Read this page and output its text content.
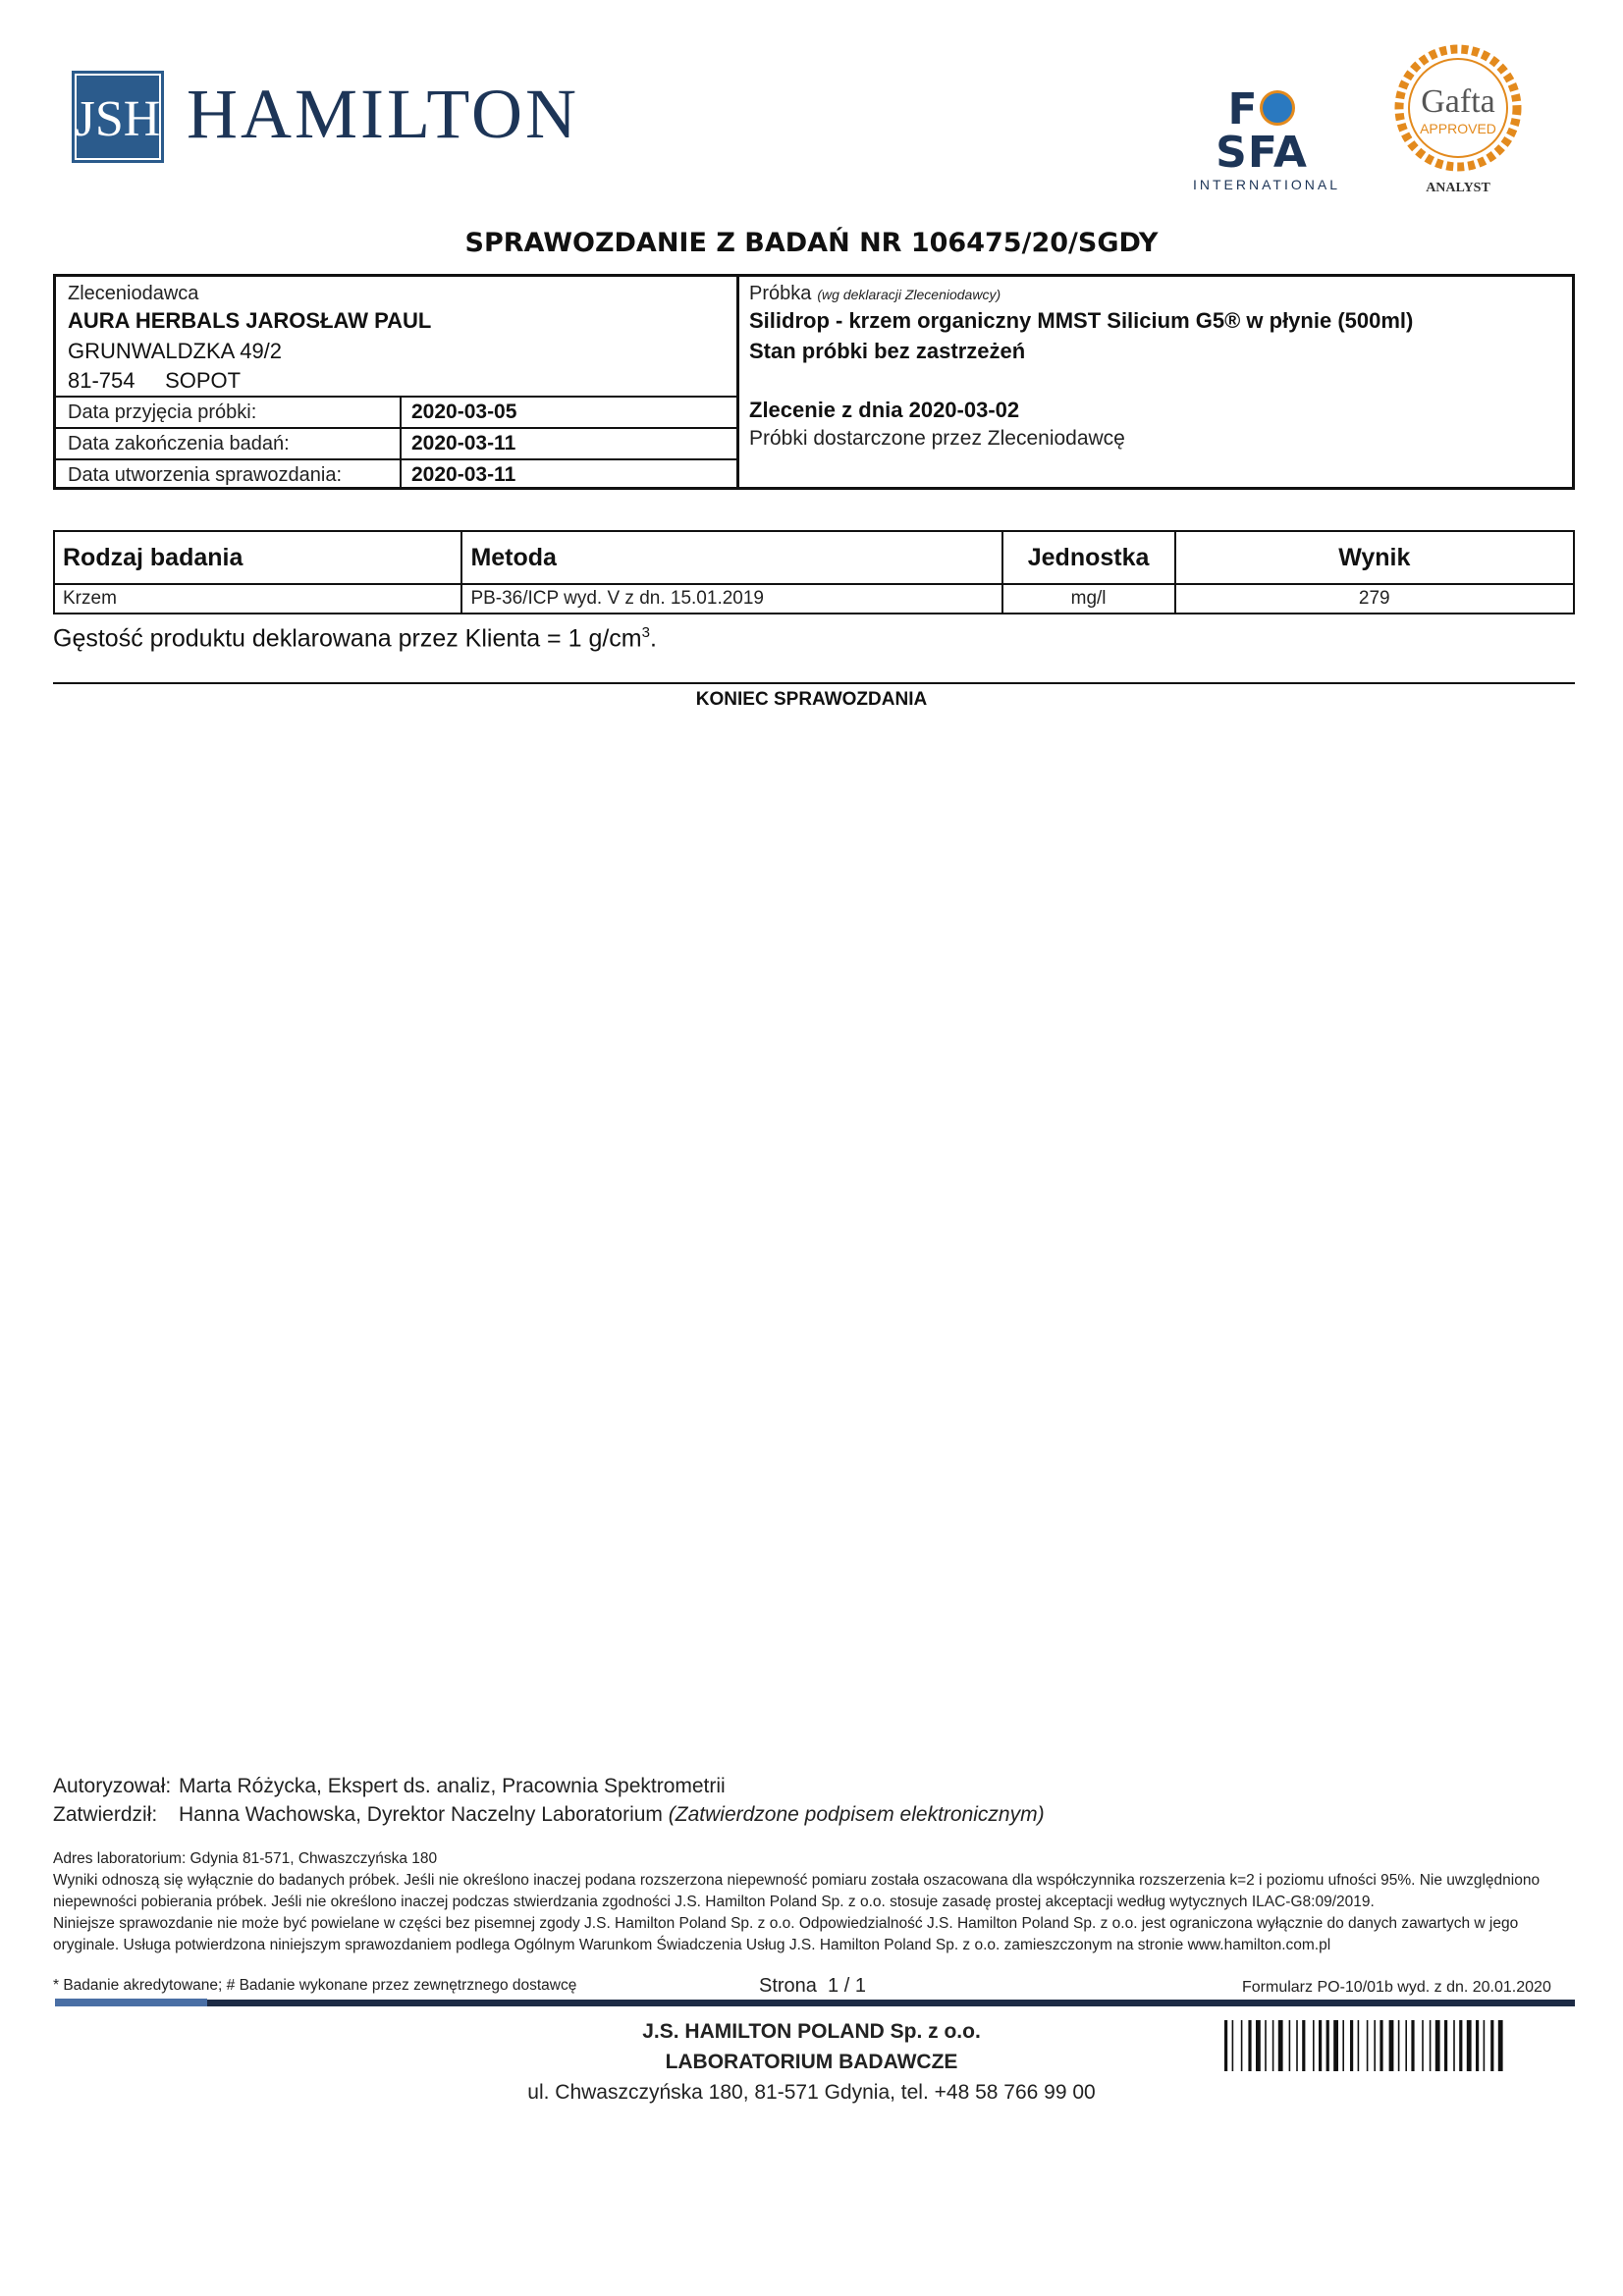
JSH HAMILTON	FSFA
INTERNATIONAL
Gafta
APPROVED
ANALYST
SPRAWOZDANIE Z BADAŃ NR 106475/20/SGDY
Zleceniodawca
AURA HERBALS JAROSŁAW PAUL
GRUNWALDZKA 49/2
81-754     SOPOT
Data przyjęcia próbki:	2020-03-05
Data zakończenia badań:	2020-03-11
Data utworzenia sprawozdania:	2020-03-11
Próbka (wg deklaracji Zleceniodawcy)
Silidrop - krzem organiczny MMST Silicium G5® w płynie (500ml)
Stan próbki bez zastrzeżeń
Zlecenie z dnia 2020-03-02
Próbki dostarczone przez Zleceniodawcę
Rodzaj badania	Metoda	Jednostka	Wynik
Krzem	PB-36/ICP wyd. V z dn. 15.01.2019	mg/l	279
Gęstość produktu deklarowana przez Klienta = 1 $g/cm^3$.
KONIEC SPRAWOZDANIA
Autoryzował: Marta Różycka, Ekspert ds. analiz, Pracownia Spektrometrii
Zatwierdził: Hanna Wachowska, Dyrektor Naczelny Laboratorium (Zatwierdzone podpisem elektronicznym)
Adres laboratorium: Gdynia 81-571, Chwaszczyńska 180
Wyniki odnoszą się wyłącznie do badanych próbek. Jeśli nie określono inaczej podana rozszerzona niepewność pomiaru została oszacowana dla współczynnika rozszerzenia k=2 i poziomu ufności 95%. Nie uwzględniono niepewności pobierania próbek. Jeśli nie określono inaczej podczas stwierdzania zgodności J.S. Hamilton Poland Sp. z o.o. stosuje zasadę prostej akceptacji według wytycznych ILAC-G8:09/2019.
Niniejsze sprawozdanie nie może być powielane w części bez pisemnej zgody J.S. Hamilton Poland Sp. z o.o. Odpowiedzialność J.S. Hamilton Poland Sp. z o.o. jest ograniczona wyłącznie do danych zawartych w jego oryginale. Usługa potwierdzona niniejszym sprawozdaniem podlega Ogólnym Warunkom Świadczenia Usług J.S. Hamilton Poland Sp. z o.o. zamieszczonym na stronie www.hamilton.com.pl
* Badanie akredytowane; # Badanie wykonane przez zewnętrznego dostawcę	Strona  1 / 1	Formularz PO-10/01b wyd. z dn. 20.01.2020
J.S. HAMILTON POLAND Sp. z o.o.
LABORATORIUM BADAWCZE
ul. Chwaszczyńska 180, 81-571 Gdynia, tel. +48 58 766 99 00
